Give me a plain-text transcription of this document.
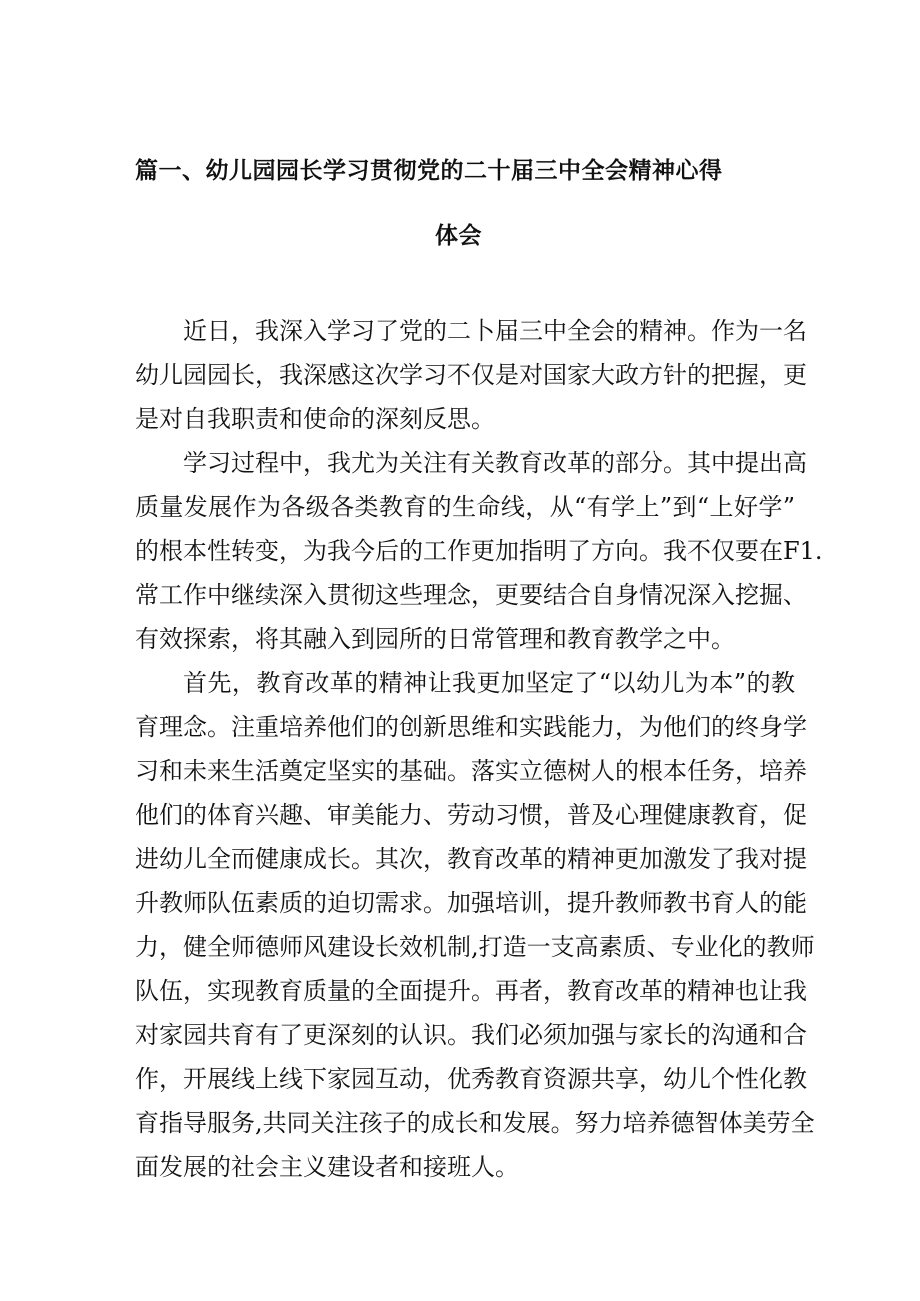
篇一、幼儿园园长学习贯彻党的二十届三中全会精神心得
体会

近日，我深入学习了党的二卜届三中全会的精神。作为一名

幼儿园园长，我深感这次学习不仅是对国家大政方针的把握，更

是对自我职责和使命的深刻反思。

学习过程中，我尤为关注有关教育改革的部分。其中提出高

质量发展作为各级各类教育的生命线，从“有学上”到“上好学”

的根本性转变，为我今后的工作更加指明了方向。我不仅要在F1.

常工作中继续深入贯彻这些理念，更要结合自身情况深入挖掘、

有效探索，将其融入到园所的日常管理和教育教学之中。

首先，教育改革的精神让我更加坚定了“以幼儿为本”的教

育理念。注重培养他们的创新思维和实践能力，为他们的终身学

习和未来生活奠定坚实的基础。落实立德树人的根本任务，培养

他们的体育兴趣、审美能力、劳动习惯，普及心理健康教育，促

进幼儿全而健康成长。其次，教育改革的精神更加激发了我对提

升教师队伍素质的迫切需求。加强培训，提升教师教书育人的能

力，健全师德师风建设长效机制,打造一支高素质、专业化的教师

队伍，实现教育质量的全面提升。再者，教育改革的精神也让我

对家园共育有了更深刻的认识。我们必须加强与家长的沟通和合

作，开展线上线下家园互动，优秀教育资源共享，幼儿个性化教

育指导服务,共同关注孩子的成长和发展。努力培养德智体美劳全

面发展的社会主义建设者和接班人。
